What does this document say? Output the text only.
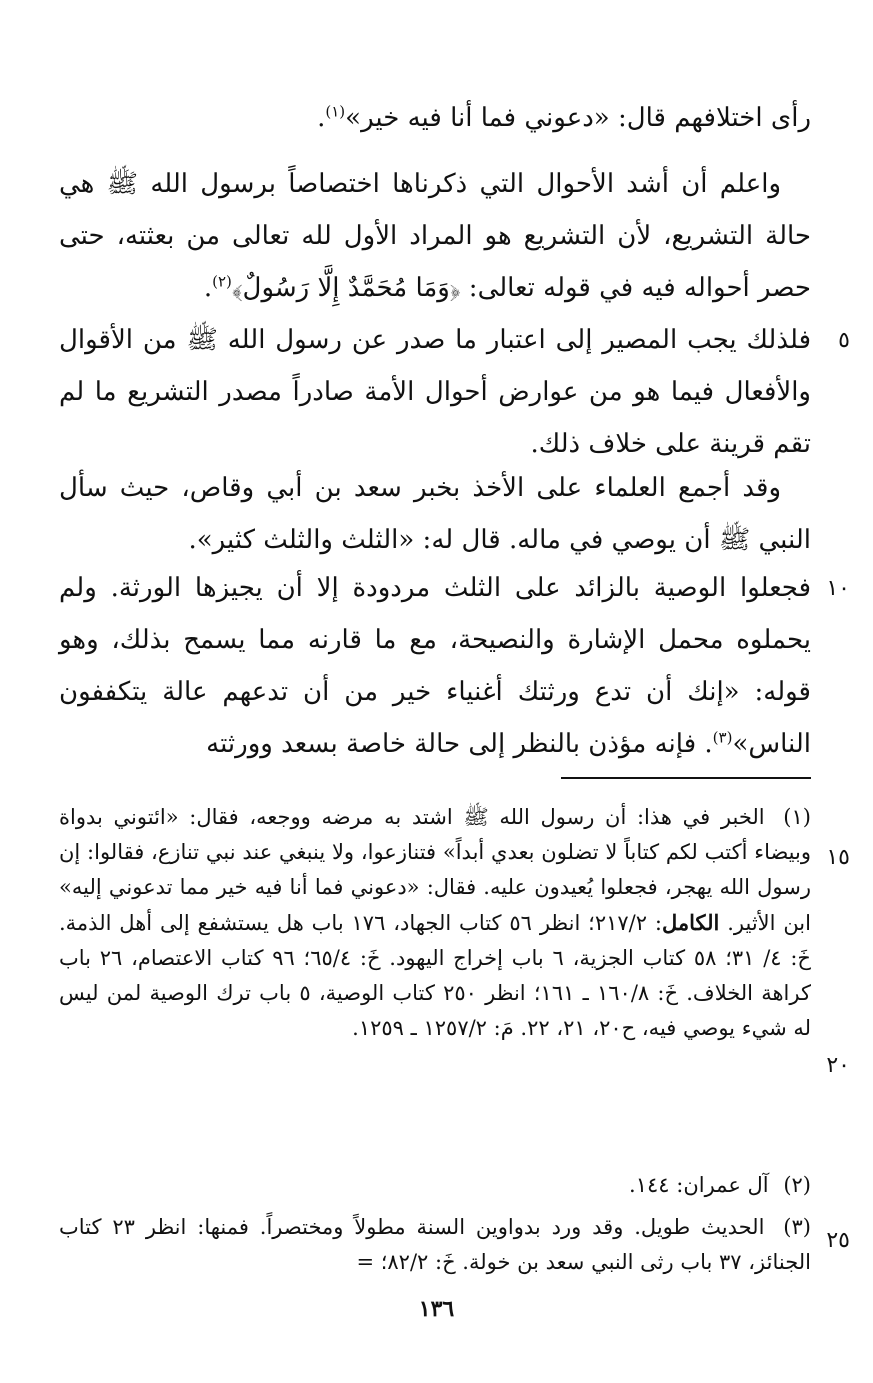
رأى اختلافهم قال: «دعوني فما أنا فيه خير»$^{(١)}$.
واعلم أن أشد الأحوال التي ذكرناها اختصاصاً برسول الله ﷺ هي حالة التشريع، لأن التشريع هو المراد الأول لله تعالى من بعثته، حتى حصر أحواله فيه في قوله تعالى: ﴿وَمَا مُحَمَّدٌ إِلَّا رَسُولٌ﴾$^{(٢)}$.
فلذلك يجب المصير إلى اعتبار ما صدر عن رسول الله ﷺ من الأقوال والأفعال فيما هو من عوارض أحوال الأمة صادراً مصدر التشريع ما لم تقم قرينة على خلاف ذلك.
وقد أجمع العلماء على الأخذ بخبر سعد بن أبي وقاص، حيث سأل النبي ﷺ أن يوصي في ماله. قال له: «الثلث والثلث كثير».
فجعلوا الوصية بالزائد على الثلث مردودة إلا أن يجيزها الورثة. ولم يحملوه محمل الإشارة والنصيحة، مع ما قارنه مما يسمح بذلك، وهو قوله: «إنك أن تدع ورثتك أغنياء خير من أن تدعهم عالة يتكففون الناس»$^{(٣)}$. فإنه مؤذن بالنظر إلى حالة خاصة بسعد وورثته
٥
١٠
١٥
٢٠
٢٥
(١) الخبر في هذا: أن رسول الله ﷺ اشتد به مرضه ووجعه، فقال: «ائتوني بدواة وبيضاء أكتب لكم كتاباً لا تضلون بعدي أبداً» فتنازعوا، ولا ينبغي عند نبي تنازع، فقالوا: إن رسول الله يهجر، فجعلوا يُعيدون عليه. فقال: «دعوني فما أنا فيه خير مما تدعوني إليه» ابن الأثير. الكامل: ٢١٧/٢؛ انظر ٥٦ كتاب الجهاد، ١٧٦ باب هل يستشفع إلى أهل الذمة. خَ: ٤/ ٣١؛ ٥٨ كتاب الجزية، ٦ باب إخراج اليهود. خَ: ٦٥/٤؛ ٩٦ كتاب الاعتصام، ٢٦ باب كراهة الخلاف. خَ: ١٦٠/٨ ـ ١٦١؛ انظر ٢٥٠ كتاب الوصية، ٥ باب ترك الوصية لمن ليس له شيء يوصي فيه، ح٢٠، ٢١، ٢٢. مَ: ١٢٥٧/٢ ـ ١٢٥٩.
(٢) آل عمران: ١٤٤.
(٣) الحديث طويل. وقد ورد بدواوين السنة مطولاً ومختصراً. فمنها: انظر ٢٣ كتاب الجنائز، ٣٧ باب رثى النبي سعد بن خولة. خَ: ٨٢/٢؛ =
١٣٦
